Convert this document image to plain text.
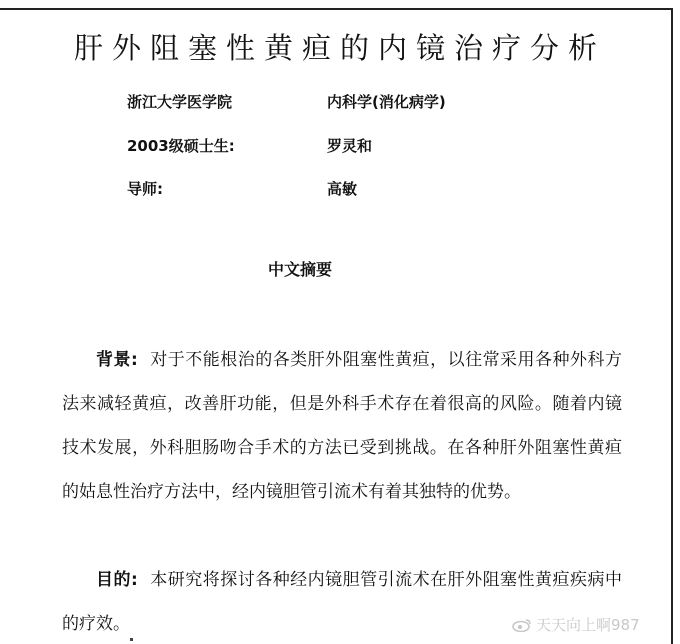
肝外阻塞性黄疸的内镜治疗分析
浙江大学医学院	内科学(消化病学)
2003级硕士生:	罗灵和
导师:	高敏
中文摘要

背景: 对于不能根治的各类肝外阻塞性黄疸，以往常采用各种外科方法来减轻黄疸，改善肝功能，但是外科手术存在着很高的风险。随着内镜技术发展，外科胆肠吻合手术的方法已受到挑战。在各种肝外阻塞性黄疸的姑息性治疗方法中，经内镜胆管引流术有着其独特的优势。

目的: 本研究将探讨各种经内镜胆管引流术在肝外阻塞性黄疸疾病中的疗效。	天天向上啊987
